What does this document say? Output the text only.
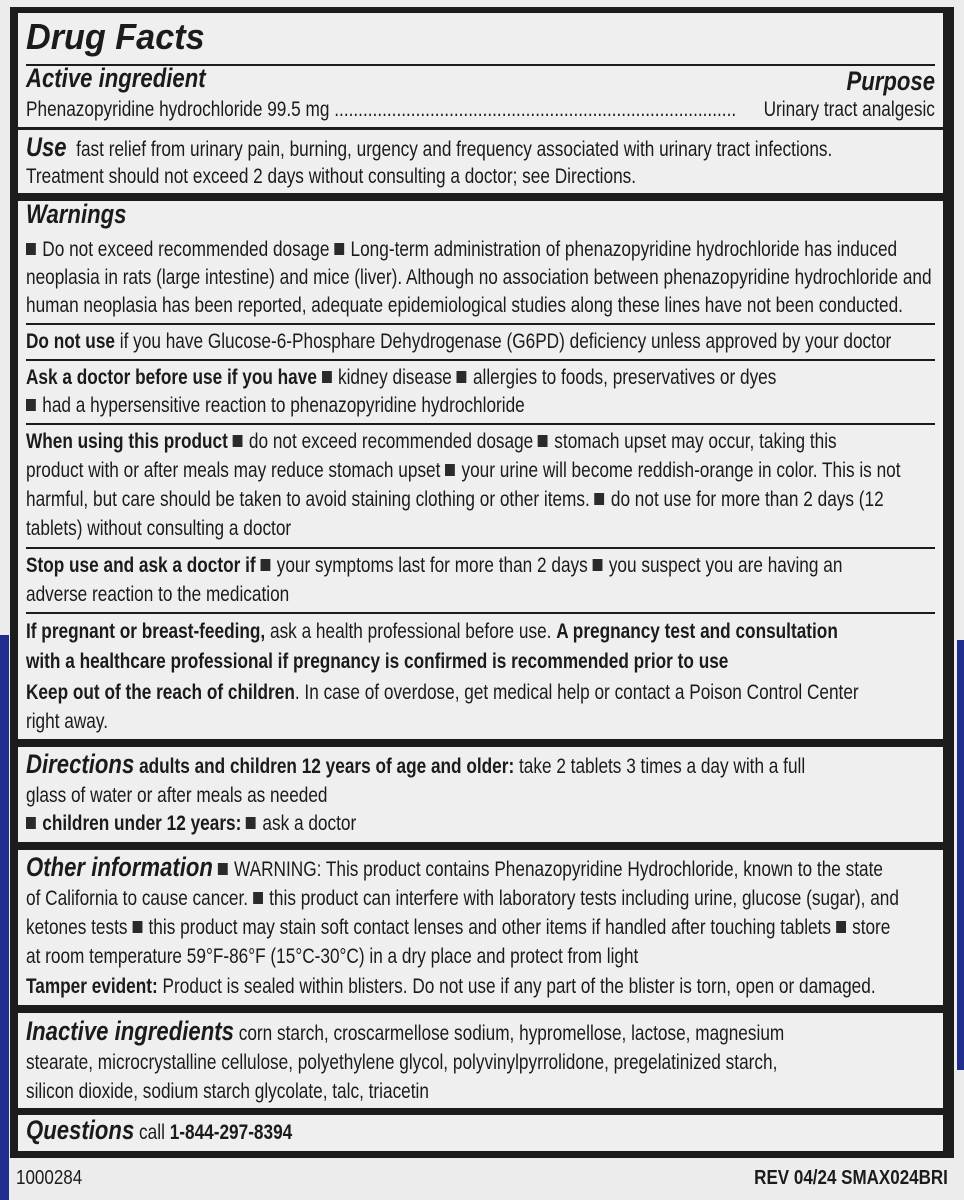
Drug Facts
Active ingredient	Purpose
Phenazopyridine hydrochloride 99.5 mg ....................................................................................	Urinary tract analgesic
Use fast relief from urinary pain, burning, urgency and frequency associated with urinary tract infections.
Treatment should not exceed 2 days without consulting a doctor; see Directions.
Warnings
Do not exceed recommended dosage Long-term administration of phenazopyridine hydrochloride has induced
neoplasia in rats (large intestine) and mice (liver). Although no association between phenazopyridine hydrochloride and
human neoplasia has been reported, adequate epidemiological studies along these lines have not been conducted.
Do not use if you have Glucose-6-Phosphare Dehydrogenase (G6PD) deficiency unless approved by your doctor
Ask a doctor before use if you have kidney disease allergies to foods, preservatives or dyes
had a hypersensitive reaction to phenazopyridine hydrochloride
When using this product do not exceed recommended dosage stomach upset may occur, taking this
product with or after meals may reduce stomach upset your urine will become reddish-orange in color. This is not
harmful, but care should be taken to avoid staining clothing or other items. do not use for more than 2 days (12
tablets) without consulting a doctor
Stop use and ask a doctor if your symptoms last for more than 2 days you suspect you are having an
adverse reaction to the medication
If pregnant or breast-feeding, ask a health professional before use. A pregnancy test and consultation
with a healthcare professional if pregnancy is confirmed is recommended prior to use
Keep out of the reach of children. In case of overdose, get medical help or contact a Poison Control Center
right away.
Directions adults and children 12 years of age and older: take 2 tablets 3 times a day with a full
glass of water or after meals as needed
children under 12 years: ask a doctor
Other information WARNING: This product contains Phenazopyridine Hydrochloride, known to the state
of California to cause cancer. this product can interfere with laboratory tests including urine, glucose (sugar), and
ketones tests this product may stain soft contact lenses and other items if handled after touching tablets store
at room temperature 59°F-86°F (15°C-30°C) in a dry place and protect from light
Tamper evident: Product is sealed within blisters. Do not use if any part of the blister is torn, open or damaged.
Inactive ingredients corn starch, croscarmellose sodium, hypromellose, lactose, magnesium
stearate, microcrystalline cellulose, polyethylene glycol, polyvinylpyrrolidone, pregelatinized starch,
silicon dioxide, sodium starch glycolate, talc, triacetin
Questions call 1-844-297-8394
1000284	REV 04/24 SMAX024BRI
